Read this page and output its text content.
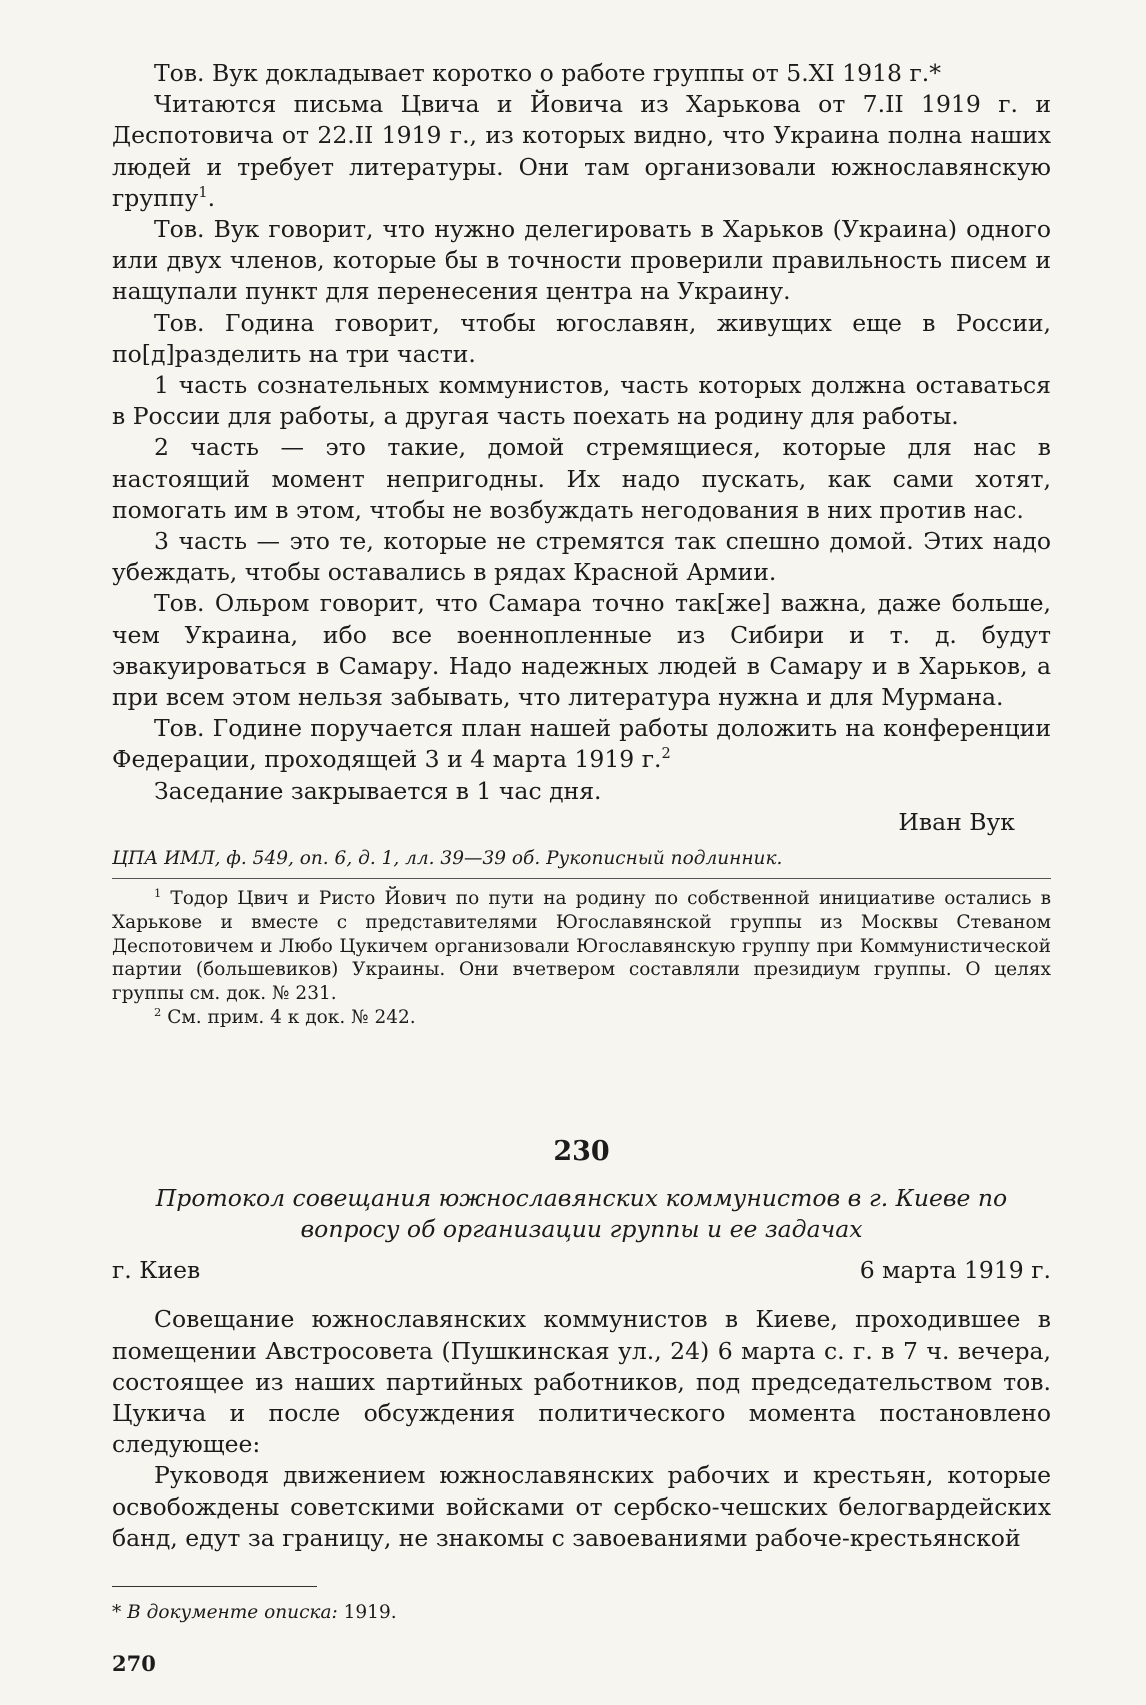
Тов. Вук докладывает коротко о работе группы от 5.XI 1918 г.*

Читаются письма Цвичa и Йовича из Харькова от 7.II 1919 г. и Деспотовича от 22.II 1919 г., из которых видно, что Украина полна наших людей и требует литературы. Они там организовали южнославянскую группу$^1$.

Тов. Вук говорит, что нужно делегировать в Харьков (Украина) одного или двух членов, которые бы в точности проверили правильность писем и нащупали пункт для перенесения центра на Украину.

Тов. Година говорит, чтобы югославян, живущих еще в России, по[д]разделить на три части.

1 часть сознательных коммунистов, часть которых должна оставаться в России для работы, а другая часть поехать на родину для работы.

2 часть — это такие, домой стремящиеся, которые для нас в настоящий момент непригодны. Их надо пускать, как сами хотят, помогать им в этом, чтобы не возбуждать негодования в них против нас.

3 часть — это те, которые не стремятся так спешно домой. Этих надо убеждать, чтобы оставались в рядах Красной Армии.

Тов. Ольром говорит, что Самара точно так[же] важна, даже больше, чем Украина, ибо все военнопленные из Сибири и т. д. будут эвакуироваться в Самару. Надо надежных людей в Самару и в Харьков, а при всем этом нельзя забывать, что литература нужна и для Мурмана.

Тов. Године поручается план нашей работы доложить на конференции Федерации, проходящей 3 и 4 марта 1919 г.$^2$

Заседание закрывается в 1 час дня.

Иван Вук
ЦПА ИМЛ, ф. 549, оп. 6, д. 1, лл. 39—39 об. Рукописный подлинник.

$^1$ Тодор Цвич и Ристо Йович по пути на родину по собственной инициативе остались в Харькове и вместе с представителями Югославянской группы из Москвы Стеваном Деспотовичем и Любо Цукичем организовали Югославянскую группу при Коммунистической партии (большевиков) Украины. Они вчетвером составляли президиум группы. О целях группы см. док. № 231.

$^2$ См. прим. 4 к док. № 242.

230
Протокол совещания южнославянских коммунистов в г. Киеве по вопросу об организации группы и ее задачах
г. Киев	6 марта 1919 г.

Совещание южнославянских коммунистов в Киеве, проходившее в помещении Австросовета (Пушкинская ул., 24) 6 марта с. г. в 7 ч. вечера, состоящее из наших партийных работников, под председательством тов. Цукича и после обсуждения политического момента постановлено следующее:

Руководя движением южнославянских рабочих и крестьян, которые освобождены советскими войсками от сербско-чешских белогвардейских банд, едут за границу, не знакомы с завоеваниями рабоче-крестьянской

* В документе описка: 1919.
270
